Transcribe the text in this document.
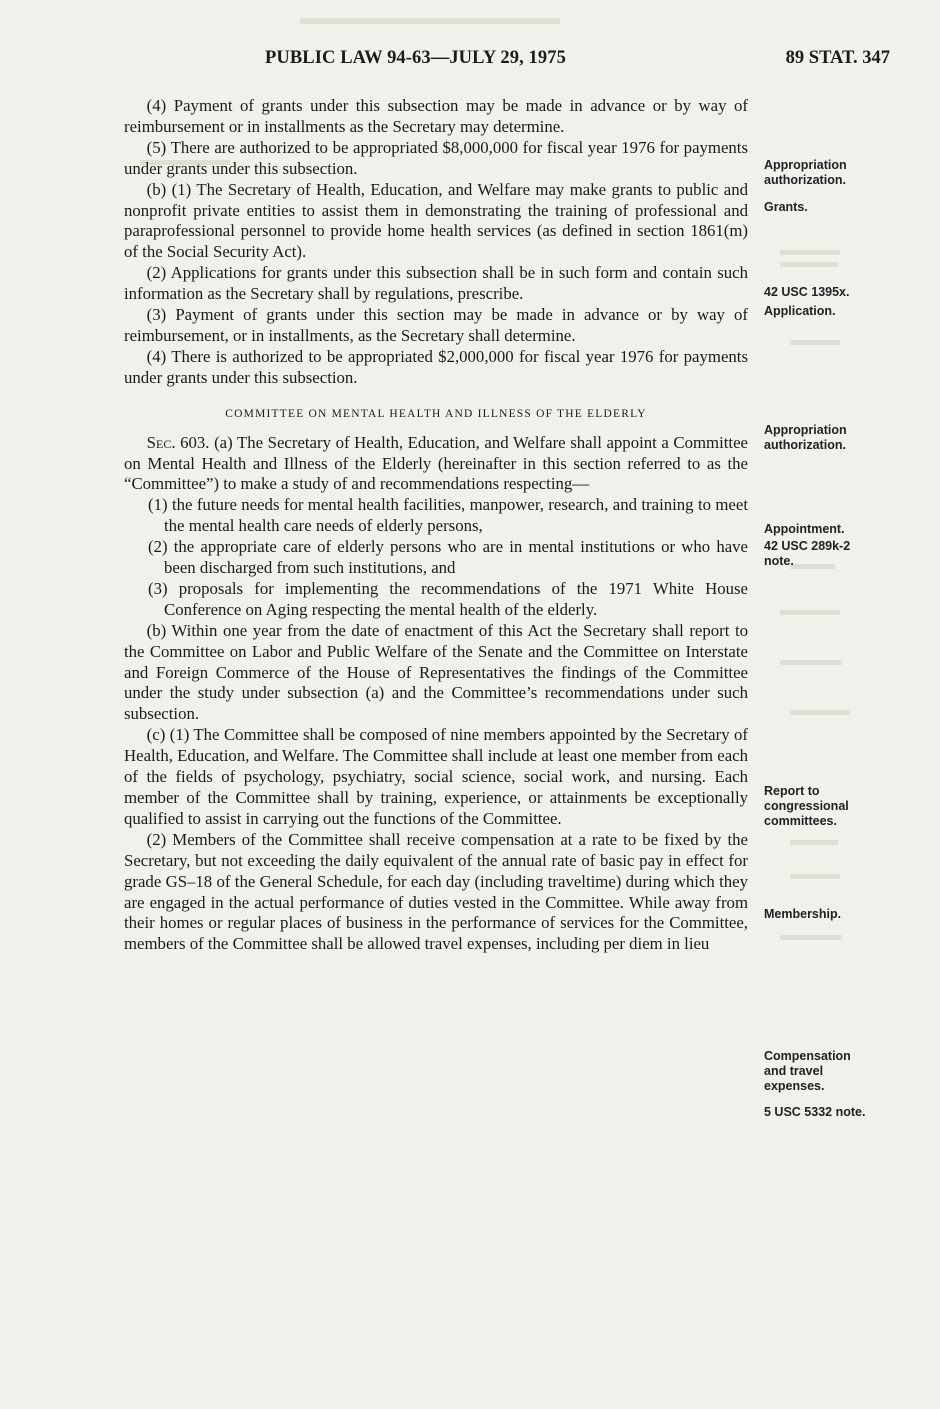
PUBLIC LAW 94-63—JULY 29, 1975	89 STAT. 347

(4) Payment of grants under this subsection may be made in advance or by way of reimbursement or in installments as the Secretary may determine.

(5) There are authorized to be appropriated $8,000,000 for fiscal year 1976 for payments under grants under this subsection.

(b) (1) The Secretary of Health, Education, and Welfare may make grants to public and nonprofit private entities to assist them in demonstrating the training of professional and paraprofessional personnel to provide home health services (as defined in section 1861(m) of the Social Security Act).

(2) Applications for grants under this subsection shall be in such form and contain such information as the Secretary shall by regulations, prescribe.

(3) Payment of grants under this section may be made in advance or by way of reimbursement, or in installments, as the Secretary shall determine.

(4) There is authorized to be appropriated $2,000,000 for fiscal year 1976 for payments under grants under this subsection.

COMMITTEE ON MENTAL HEALTH AND ILLNESS OF THE ELDERLY

Sec. 603. (a) The Secretary of Health, Education, and Welfare shall appoint a Committee on Mental Health and Illness of the Elderly (hereinafter in this section referred to as the “Committee”) to make a study of and recommendations respecting—

(1) the future needs for mental health facilities, manpower, research, and training to meet the mental health care needs of elderly persons,

(2) the appropriate care of elderly persons who are in mental institutions or who have been discharged from such institutions, and

(3) proposals for implementing the recommendations of the 1971 White House Conference on Aging respecting the mental health of the elderly.

(b) Within one year from the date of enactment of this Act the Secretary shall report to the Committee on Labor and Public Welfare of the Senate and the Committee on Interstate and Foreign Commerce of the House of Representatives the findings of the Committee under the study under subsection (a) and the Committee’s recommendations under such subsection.

(c) (1) The Committee shall be composed of nine members appointed by the Secretary of Health, Education, and Welfare. The Committee shall include at least one member from each of the fields of psychology, psychiatry, social science, social work, and nursing. Each member of the Committee shall by training, experience, or attainments be exceptionally qualified to assist in carrying out the functions of the Committee.

(2) Members of the Committee shall receive compensation at a rate to be fixed by the Secretary, but not exceeding the daily equivalent of the annual rate of basic pay in effect for grade GS–18 of the General Schedule, for each day (including traveltime) during which they are engaged in the actual performance of duties vested in the Committee. While away from their homes or regular places of business in the performance of services for the Committee, members of the Committee shall be allowed travel expenses, including per diem in lieu

Appropriation authorization.
Grants.
42 USC 1395x.
Application.
Appropriation authorization.
Appointment.
42 USC 289k-2 note.
Report to congressional committees.
Membership.
Compensation and travel expenses.
5 USC 5332 note.
